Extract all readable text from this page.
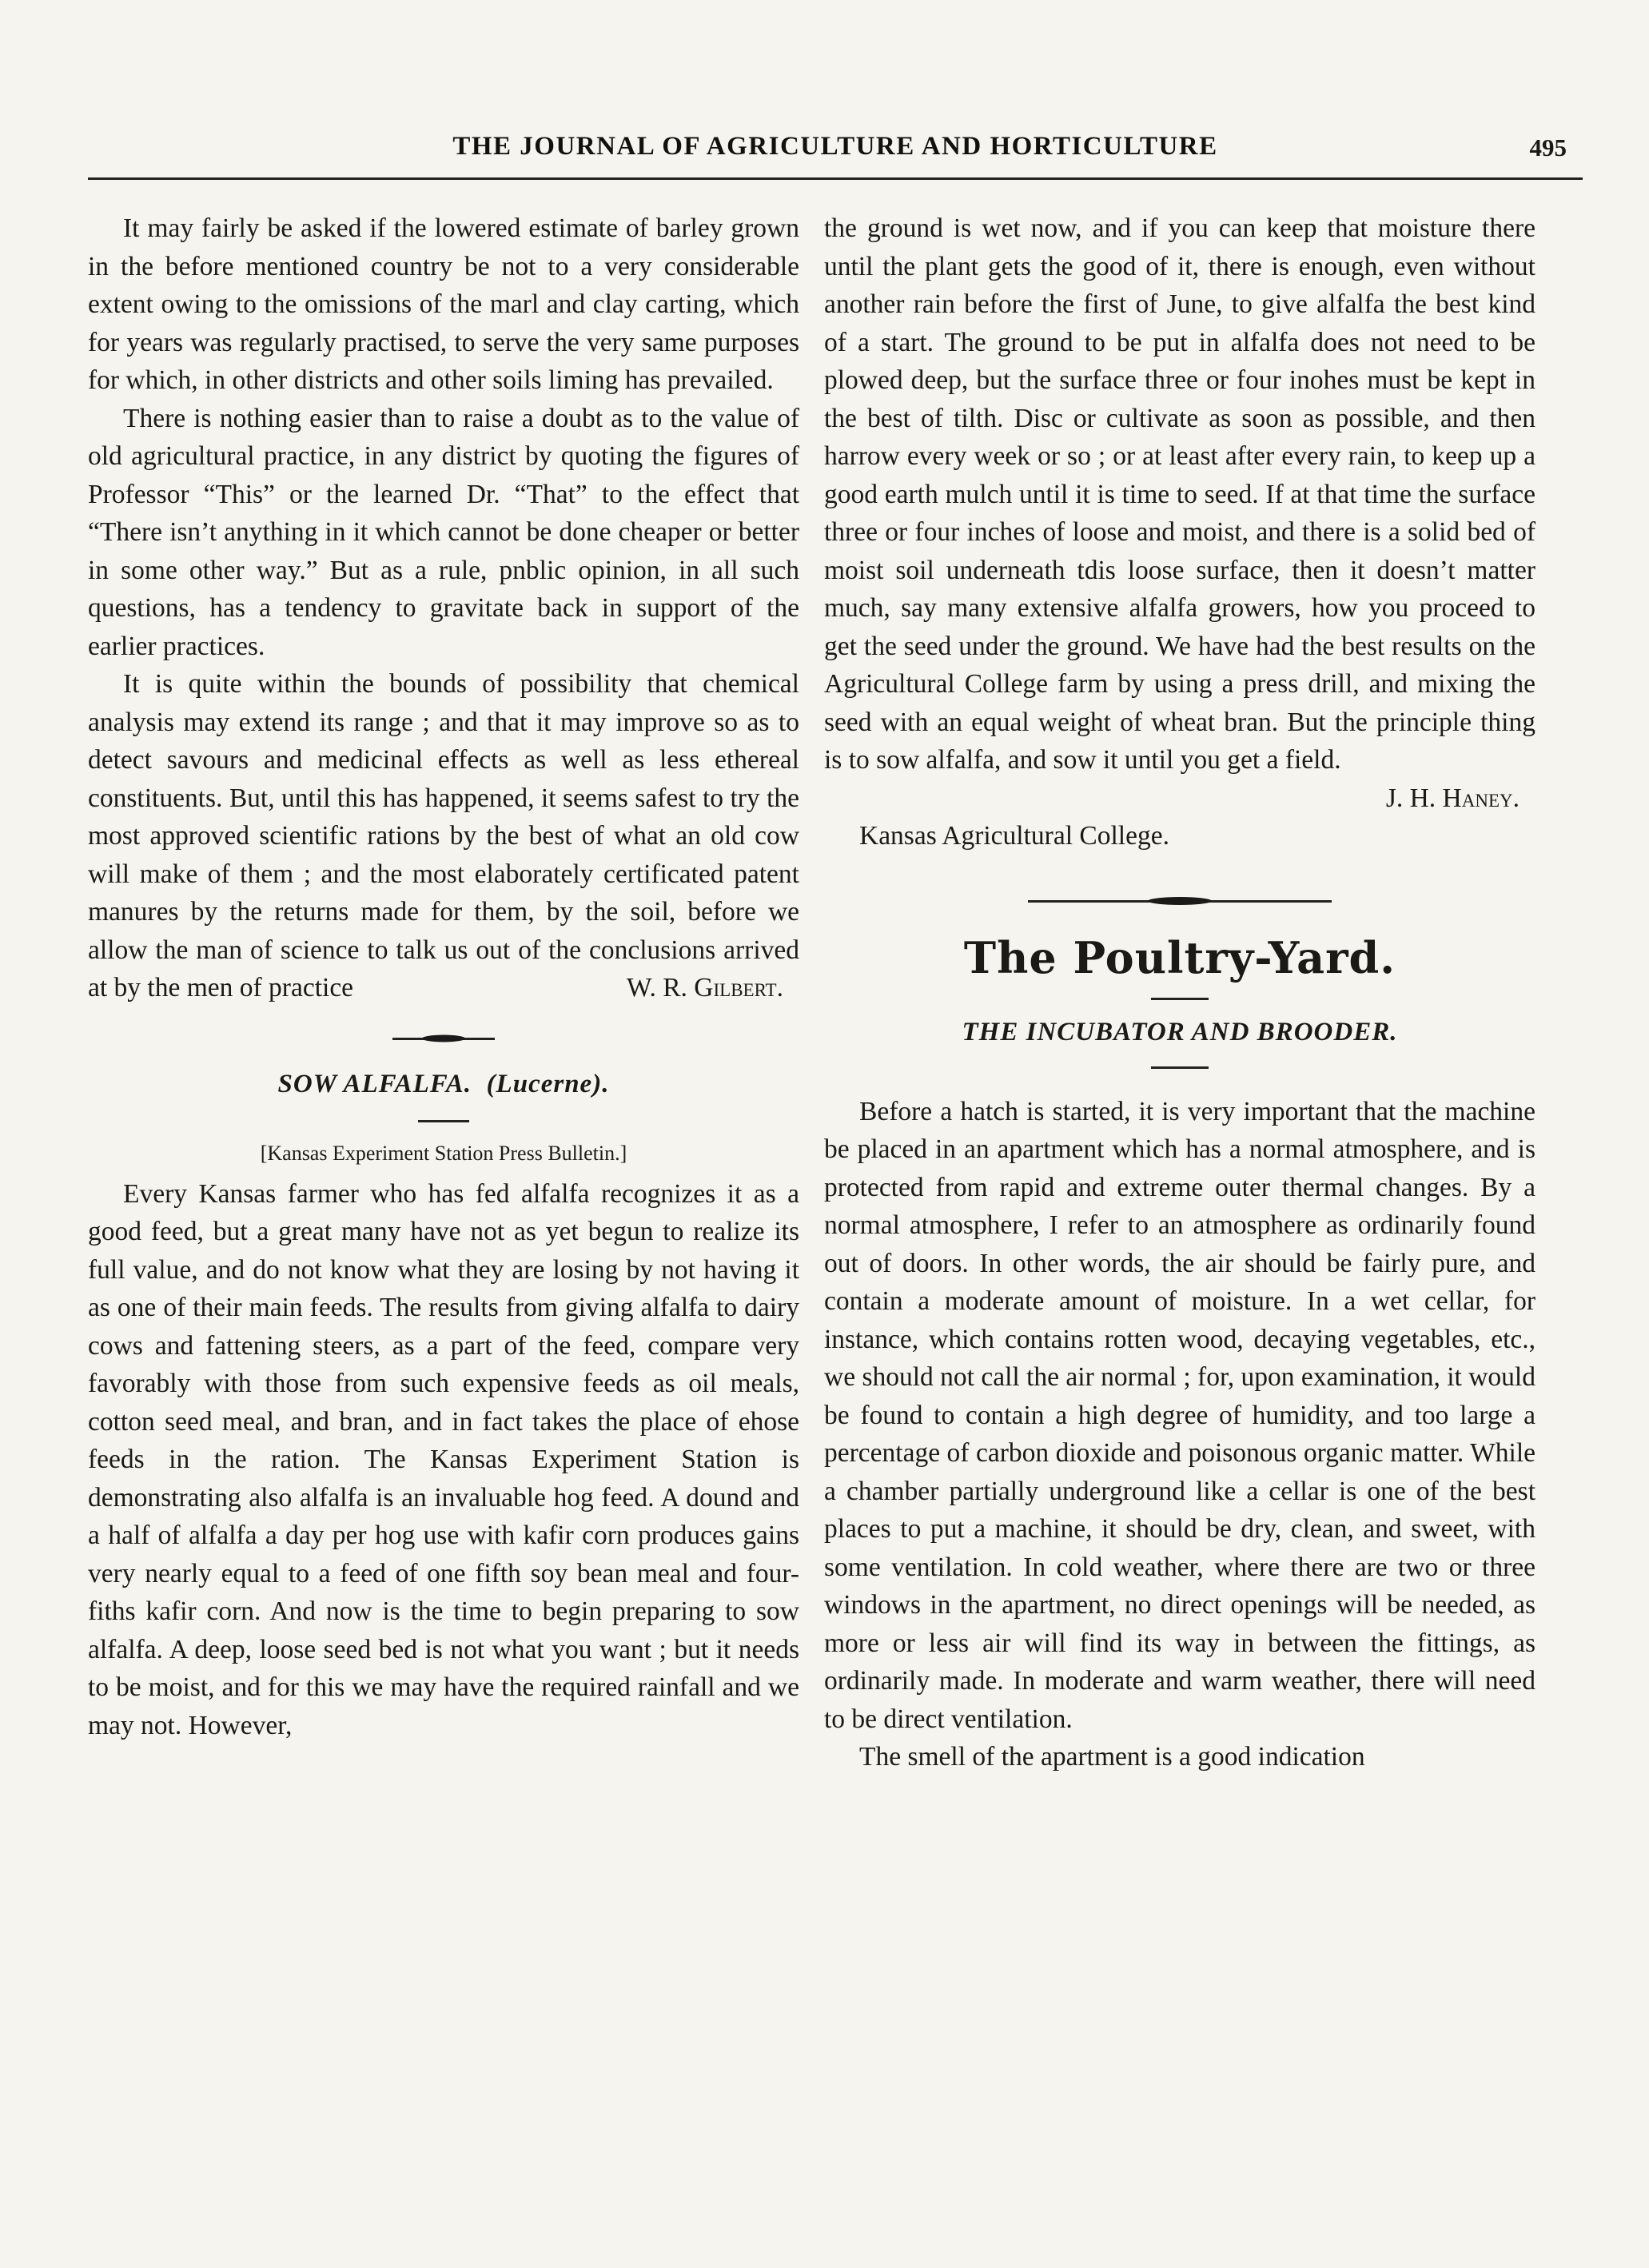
THE JOURNAL OF AGRICULTURE AND HORTICULTURE	495

It may fairly be asked if the lowered estimate of barley grown in the before mentioned country be not to a very considerable extent owing to the omissions of the marl and clay carting, which for years was regularly practised, to serve the very same purposes for which, in other districts and other soils liming has prevailed.

There is nothing easier than to raise a doubt as to the value of old agricultural practice, in any district by quoting the figures of Professor “This” or the learned Dr. “That” to the effect that “There isn’t anything in it which cannot be done cheaper or better in some other way.” But as a rule, pnblic opinion, in all such questions, has a tendency to gravitate back in support of the earlier practices.

It is quite within the bounds of possibility that chemical analysis may extend its range ; and that it may improve so as to detect savours and medicinal effects as well as less ethereal constituents. But, until this has happened, it seems safest to try the most approved scientific rations by the best of what an old cow will make of them ; and the most elaborately certificated patent manures by the returns made for them, by the soil, before we allow the man of science to talk us out of the conclusions arrived at by the men of practice	W. R. Gilbert.

SOW ALFALFA. (Lucerne).

[Kansas Experiment Station Press Bulletin.]

Every Kansas farmer who has fed alfalfa recognizes it as a good feed, but a great many have not as yet begun to realize its full value, and do not know what they are losing by not having it as one of their main feeds. The results from giving alfalfa to dairy cows and fattening steers, as a part of the feed, compare very favorably with those from such expensive feeds as oil meals, cotton seed meal, and bran, and in fact takes the place of ehose feeds in the ration. The Kansas Experiment Station is demonstrating also alfalfa is an invaluable hog feed. A dound and a half of alfalfa a day per hog use with kafir corn produces gains very nearly equal to a feed of one fifth soy bean meal and four-fiths kafir corn. And now is the time to begin preparing to sow alfalfa. A deep, loose seed bed is not what you want ; but it needs to be moist, and for this we may have the required rainfall and we may not. However,

the ground is wet now, and if you can keep that moisture there until the plant gets the good of it, there is enough, even without another rain before the first of June, to give alfalfa the best kind of a start. The ground to be put in alfalfa does not need to be plowed deep, but the surface three or four inohes must be kept in the best of tilth. Disc or cultivate as soon as possible, and then harrow every week or so ; or at least after every rain, to keep up a good earth mulch until it is time to seed. If at that time the surface three or four inches of loose and moist, and there is a solid bed of moist soil underneath tdis loose surface, then it doesn’t matter much, say many extensive alfalfa growers, how you proceed to get the seed under the ground. We have had the best results on the Agricultural College farm by using a press drill, and mixing the seed with an equal weight of wheat bran. But the principle thing is to sow alfalfa, and sow it until you get a field.

J. H. Haney.

Kansas Agricultural College.

The Poultry-Yard.

THE INCUBATOR AND BROODER.

Before a hatch is started, it is very important that the machine be placed in an apartment which has a normal atmosphere, and is protected from rapid and extreme outer thermal changes. By a normal atmosphere, I refer to an atmosphere as ordinarily found out of doors. In other words, the air should be fairly pure, and contain a moderate amount of moisture. In a wet cellar, for instance, which contains rotten wood, decaying vegetables, etc., we should not call the air normal ; for, upon examination, it would be found to contain a high degree of humidity, and too large a percentage of carbon dioxide and poisonous organic matter. While a chamber partially underground like a cellar is one of the best places to put a machine, it should be dry, clean, and sweet, with some ventilation. In cold weather, where there are two or three windows in the apartment, no direct openings will be needed, as more or less air will find its way in between the fittings, as ordinarily made. In moderate and warm weather, there will need to be direct ventilation.

The smell of the apartment is a good indication
